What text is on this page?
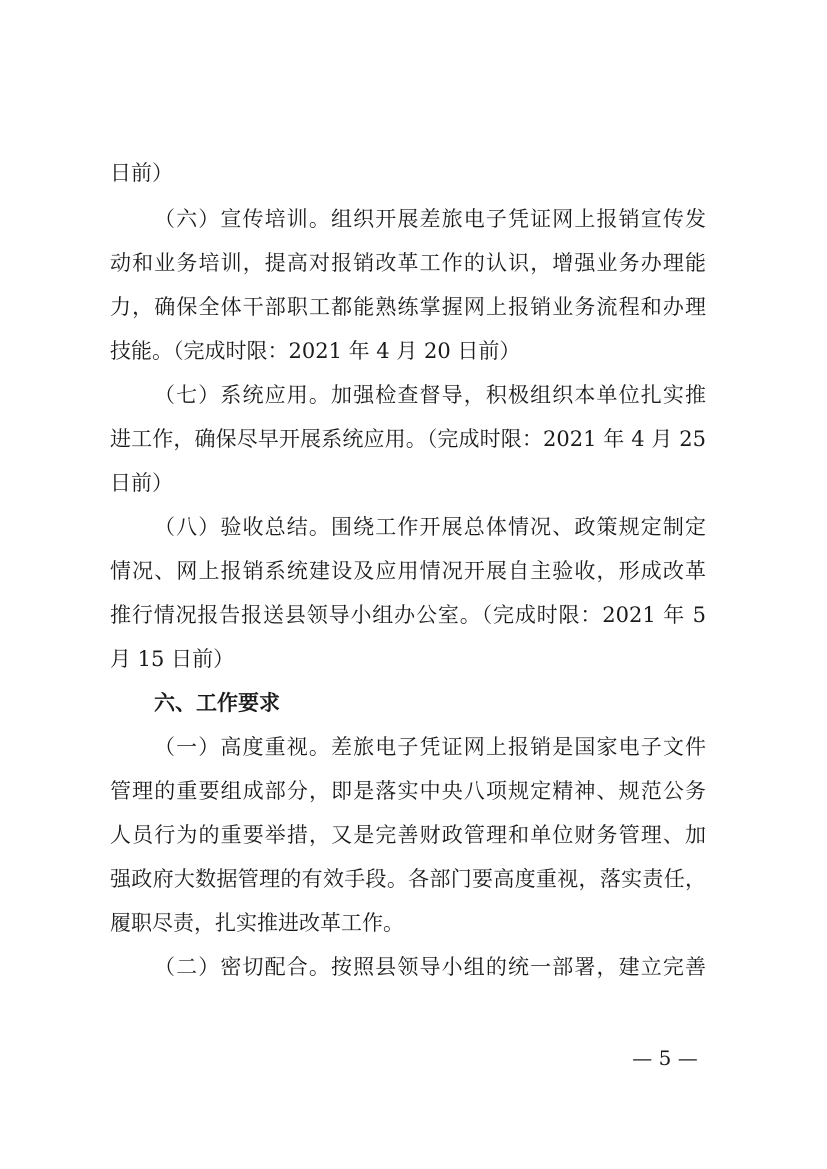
日前）
（六）宣传培训。组织开展差旅电子凭证网上报销宣传发
动和业务培训，提高对报销改革工作的认识，增强业务办理能
力，确保全体干部职工都能熟练掌握网上报销业务流程和办理
技能。（完成时限：2021 年 4 月 20 日前）
（七）系统应用。加强检查督导，积极组织本单位扎实推
进工作，确保尽早开展系统应用。（完成时限：2021 年 4 月 25
日前）
（八）验收总结。围绕工作开展总体情况、政策规定制定
情况、网上报销系统建设及应用情况开展自主验收，形成改革
推行情况报告报送县领导小组办公室。（完成时限：2021 年 5
月 15 日前）
六、工作要求
（一）高度重视。差旅电子凭证网上报销是国家电子文件
管理的重要组成部分，即是落实中央八项规定精神、规范公务
人员行为的重要举措，又是完善财政管理和单位财务管理、加
强政府大数据管理的有效手段。各部门要高度重视，落实责任，
履职尽责，扎实推进改革工作。
（二）密切配合。按照县领导小组的统一部署，建立完善
— 5 —
